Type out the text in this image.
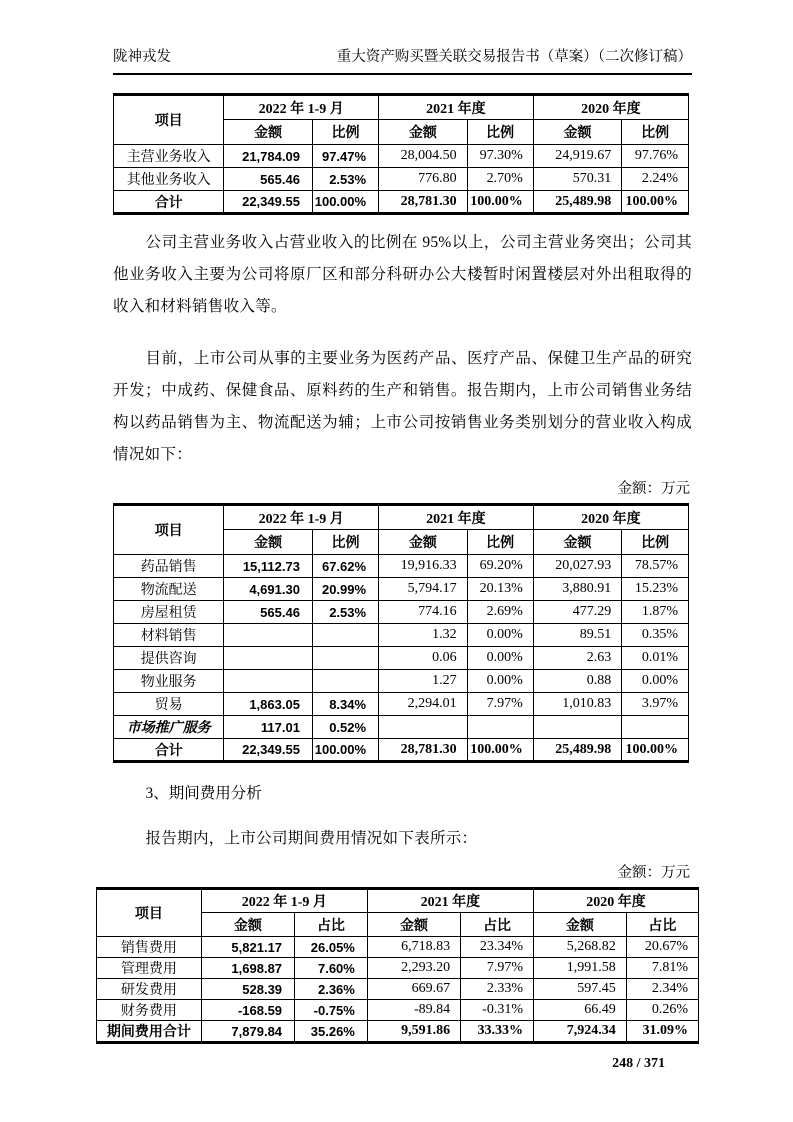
陇神戎发	重大资产购买暨关联交易报告书（草案）（二次修订稿）
项目	2022 年 1-9 月		2021 年度		2020 年度	
	金额	比例	金额	比例	金额	比例
主营业务收入	21,784.09	97.47%	28,004.50	97.30%	24,919.67	97.76%
其他业务收入	565.46	2.53%	776.80	2.70%	570.31	2.24%
合计	22,349.55	100.00%	28,781.30	100.00%	25,489.98	100.00%

公司主营业务收入占营业收入的比例在 95%以上，公司主营业务突出；公司其他业务收入主要为公司将原厂区和部分科研办公大楼暂时闲置楼层对外出租取得的收入和材料销售收入等。

目前，上市公司从事的主要业务为医药产品、医疗产品、保健卫生产品的研究开发；中成药、保健食品、原料药的生产和销售。报告期内，上市公司销售业务结构以药品销售为主、物流配送为辅；上市公司按销售业务类别划分的营业收入构成情况如下：

金额：万元
项目	2022 年 1-9 月		2021 年度		2020 年度	
	金额	比例	金额	比例	金额	比例
药品销售	15,112.73	67.62%	19,916.33	69.20%	20,027.93	78.57%
物流配送	4,691.30	20.99%	5,794.17	20.13%	3,880.91	15.23%
房屋租赁	565.46	2.53%	774.16	2.69%	477.29	1.87%
材料销售			1.32	0.00%	89.51	0.35%
提供咨询			0.06	0.00%	2.63	0.01%
物业服务			1.27	0.00%	0.88	0.00%
贸易	1,863.05	8.34%	2,294.01	7.97%	1,010.83	3.97%
市场推广服务	117.01	0.52%				
合计	22,349.55	100.00%	28,781.30	100.00%	25,489.98	100.00%
3、期间费用分析

报告期内，上市公司期间费用情况如下表所示：

金额：万元
项目	2022 年 1-9 月		2021 年度		2020 年度	
	金额	占比	金额	占比	金额	占比
销售费用	5,821.17	26.05%	6,718.83	23.34%	5,268.82	20.67%
管理费用	1,698.87	7.60%	2,293.20	7.97%	1,991.58	7.81%
研发费用	528.39	2.36%	669.67	2.33%	597.45	2.34%
财务费用	-168.59	-0.75%	-89.84	-0.31%	66.49	0.26%
期间费用合计	7,879.84	35.26%	9,591.86	33.33%	7,924.34	31.09%
248 / 371
